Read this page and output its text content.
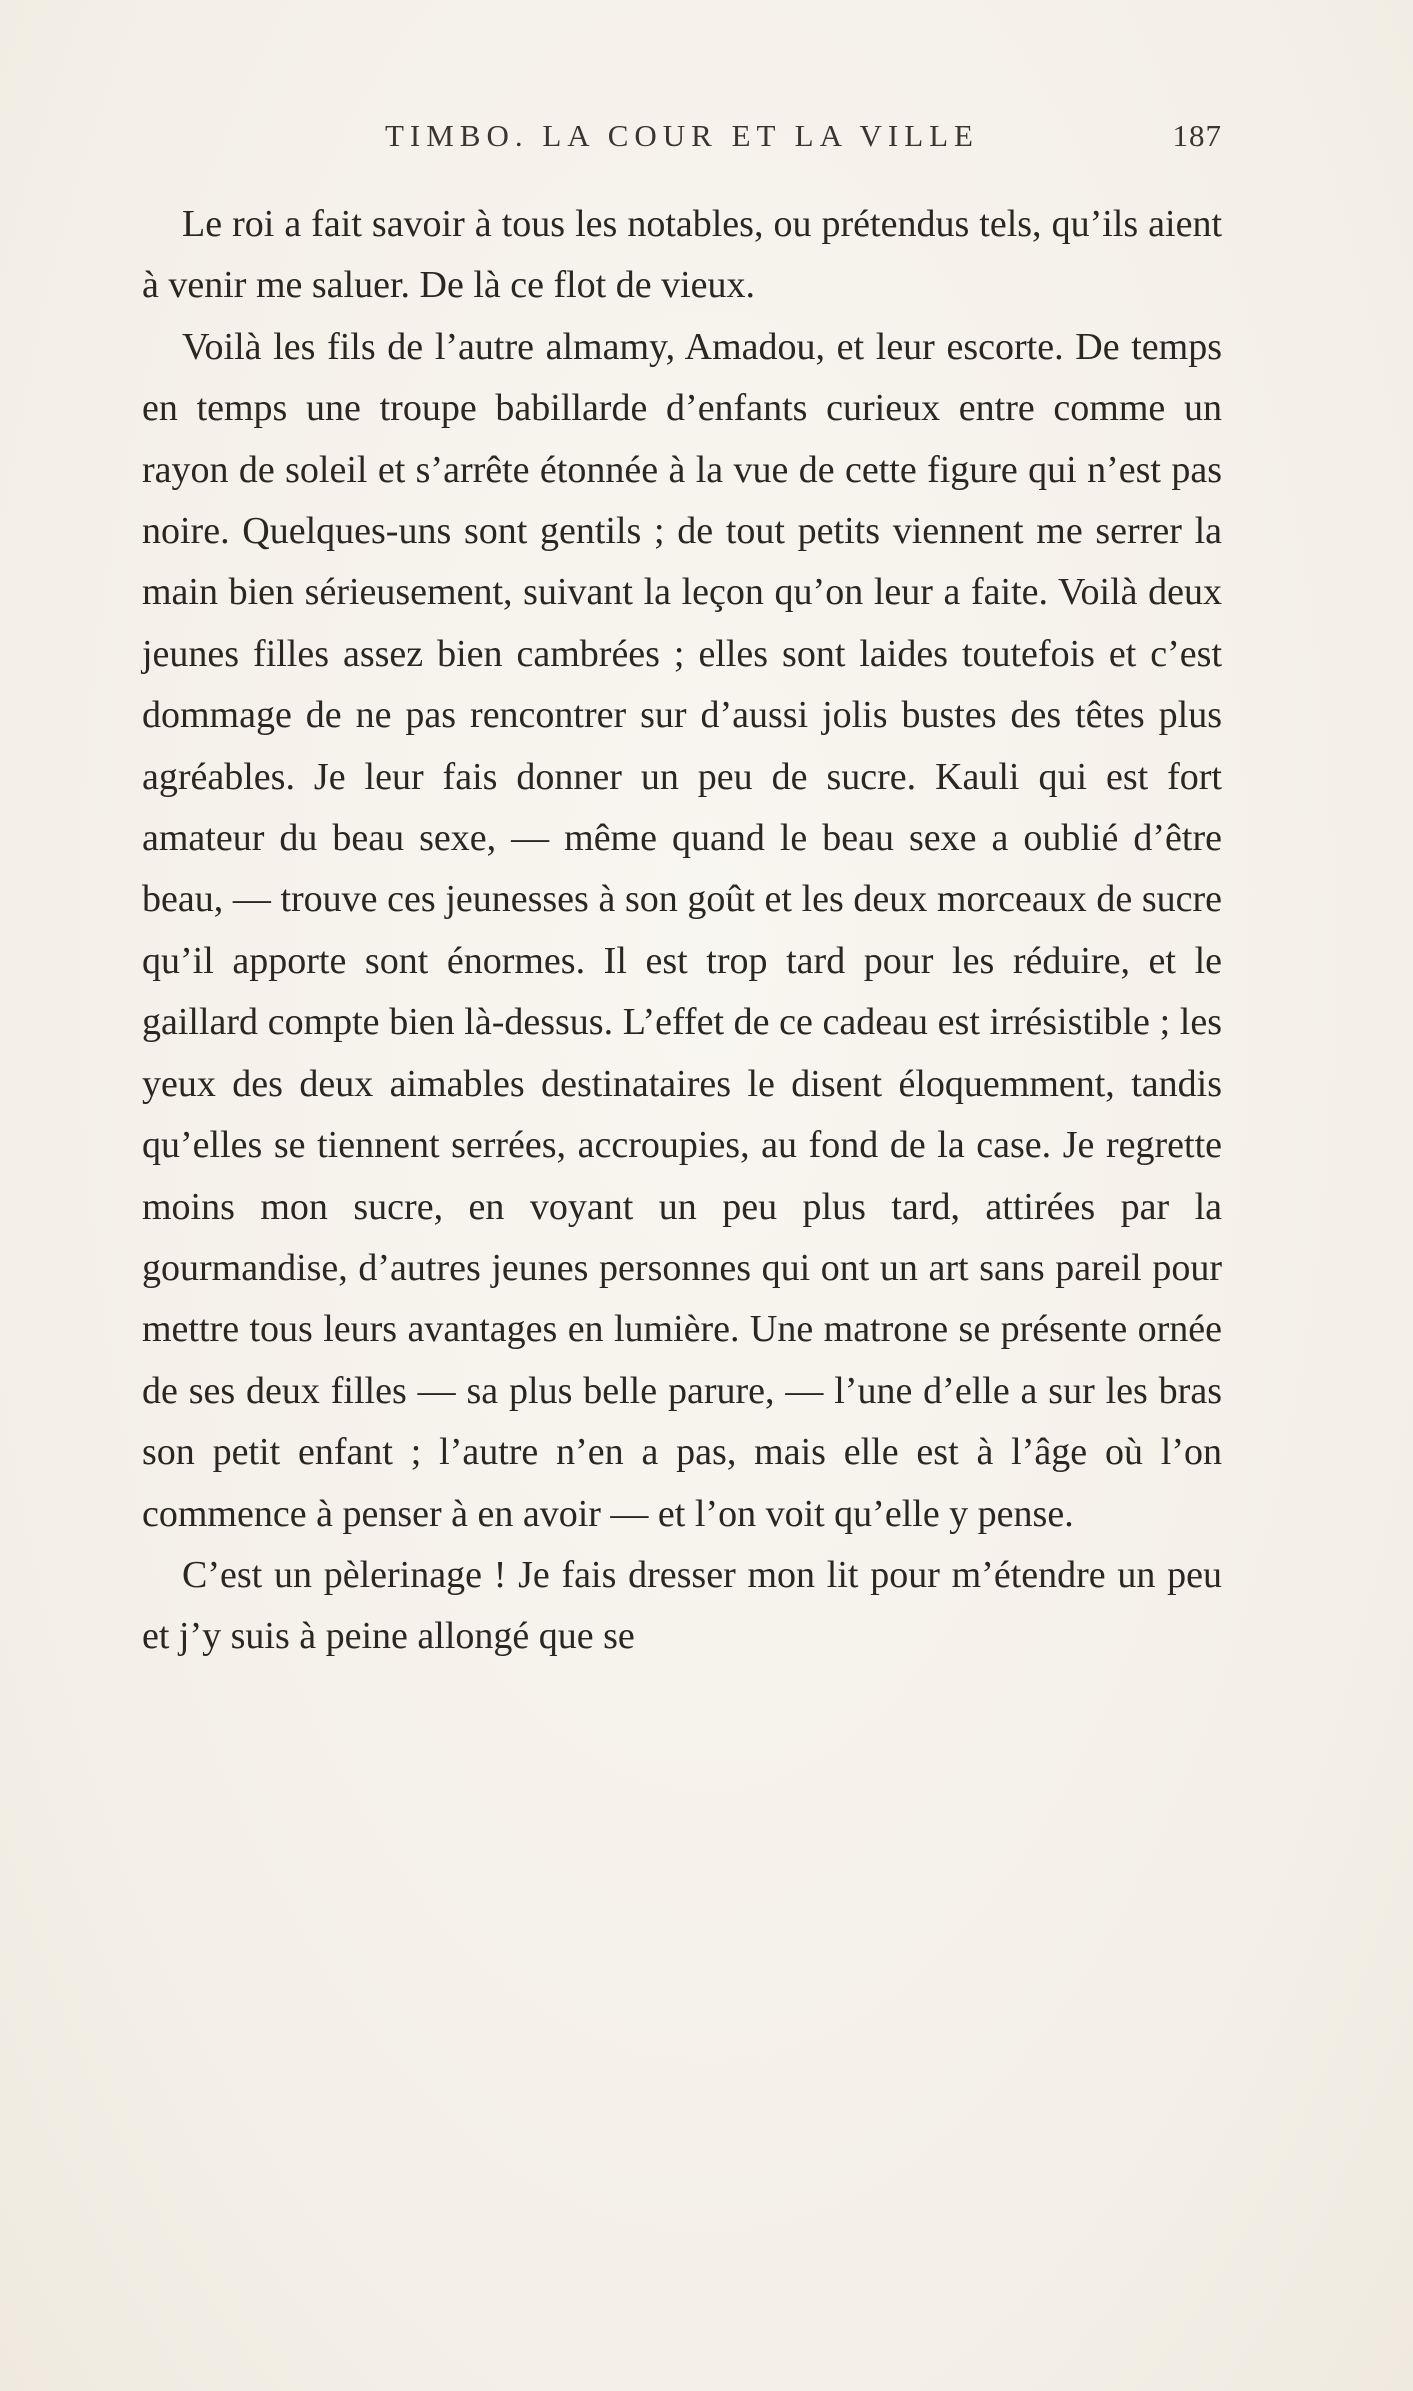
TIMBO. LA COUR ET LA VILLE	187

Le roi a fait savoir à tous les notables, ou prétendus tels, qu’ils aient à venir me saluer. De là ce flot de vieux.

Voilà les fils de l’autre almamy, Amadou, et leur escorte. De temps en temps une troupe babillarde d’enfants curieux entre comme un rayon de soleil et s’arrête étonnée à la vue de cette figure qui n’est pas noire. Quelques-uns sont gentils ; de tout petits viennent me serrer la main bien sérieusement, suivant la leçon qu’on leur a faite. Voilà deux jeunes filles assez bien cambrées ; elles sont laides toutefois et c’est dommage de ne pas rencontrer sur d’aussi jolis bustes des têtes plus agréables. Je leur fais donner un peu de sucre. Kauli qui est fort amateur du beau sexe, — même quand le beau sexe a oublié d’être beau, — trouve ces jeunesses à son goût et les deux morceaux de sucre qu’il apporte sont énormes. Il est trop tard pour les réduire, et le gaillard compte bien là-dessus. L’effet de ce cadeau est irrésistible ; les yeux des deux aimables destinataires le disent éloquemment, tandis qu’elles se tiennent serrées, accroupies, au fond de la case. Je regrette moins mon sucre, en voyant un peu plus tard, attirées par la gourmandise, d’autres jeunes personnes qui ont un art sans pareil pour mettre tous leurs avantages en lumière. Une matrone se présente ornée de ses deux filles — sa plus belle parure, — l’une d’elle a sur les bras son petit enfant ; l’autre n’en a pas, mais elle est à l’âge où l’on commence à penser à en avoir — et l’on voit qu’elle y pense.

C’est un pèlerinage ! Je fais dresser mon lit pour m’étendre un peu et j’y suis à peine allongé que se
